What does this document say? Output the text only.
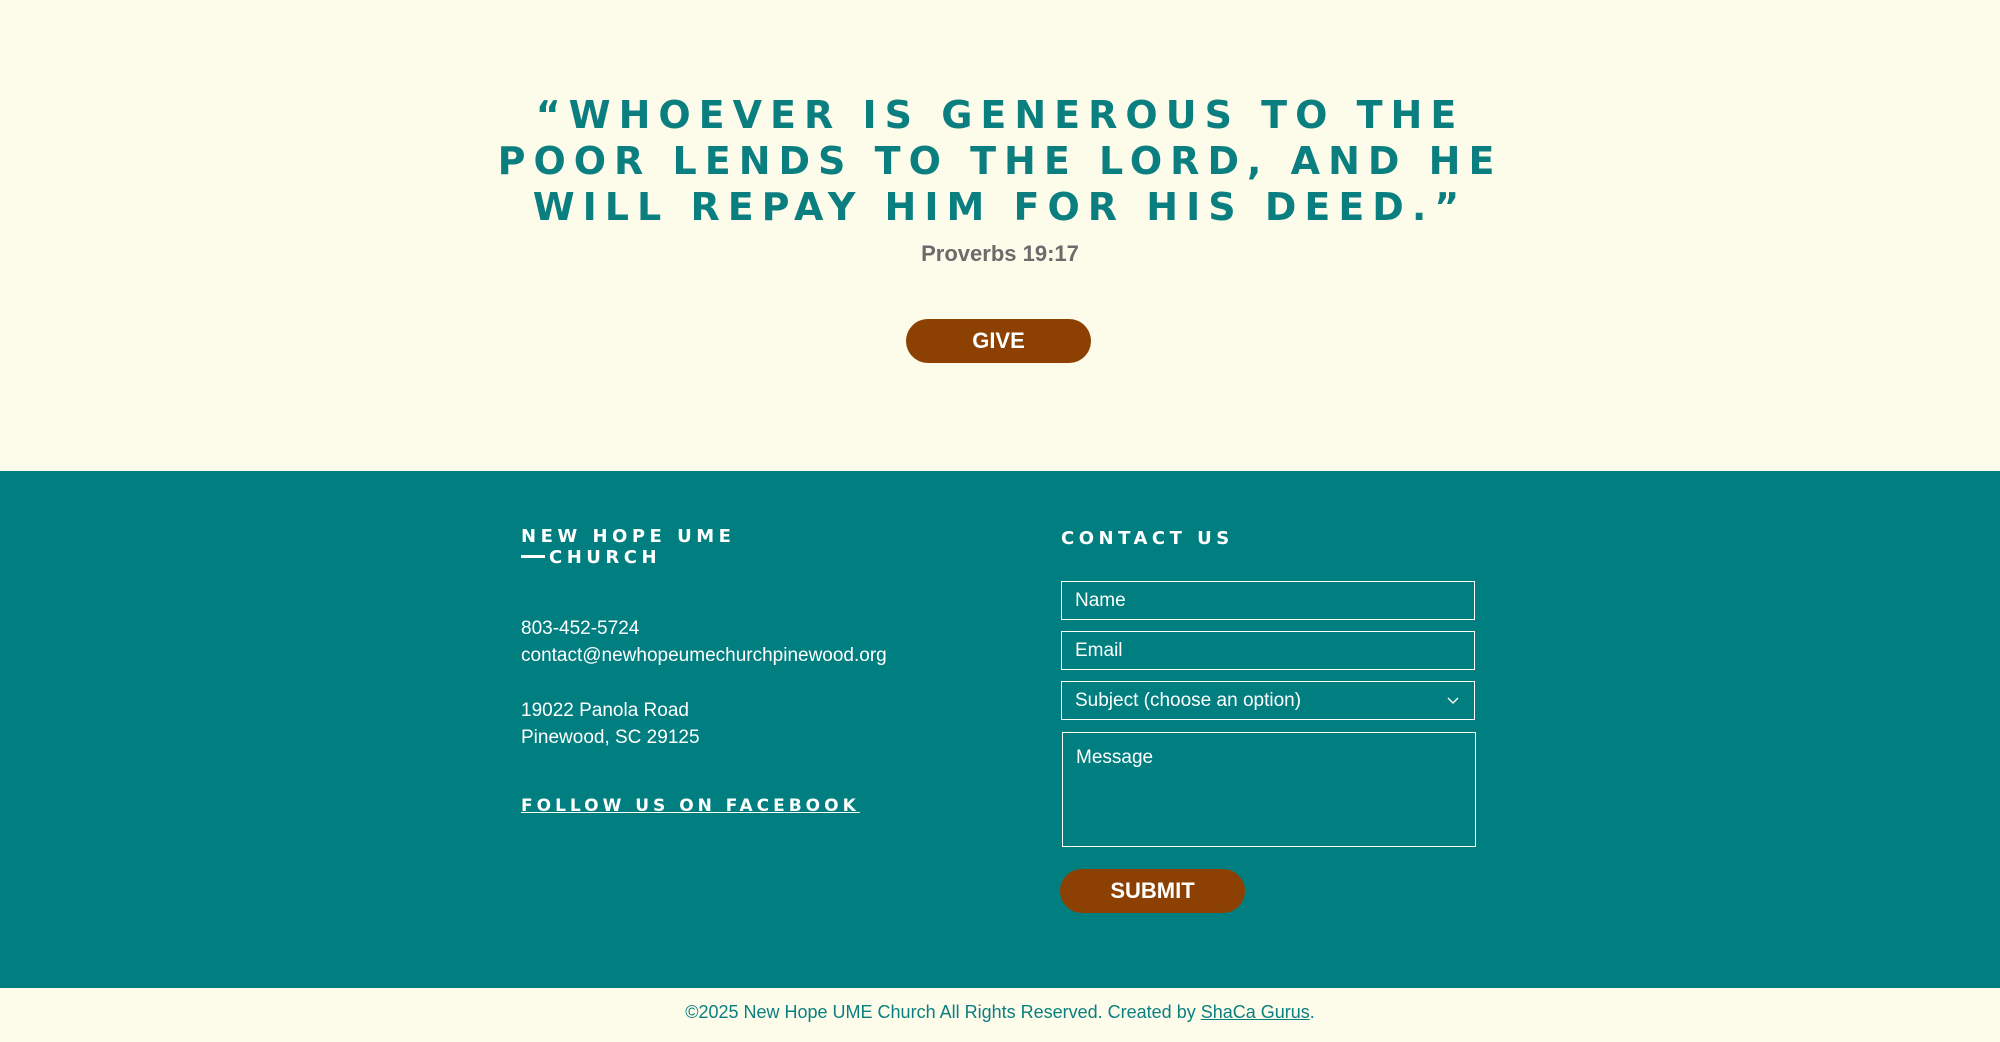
“WHOEVER IS GENEROUS TO THE POOR LENDS TO THE LORD, AND HE WILL REPAY HIM FOR HIS DEED.”
Proverbs 19:17
GIVE
NEW HOPE UME
CHURCH
803-452-5724
contact@newhopeumechurchpinewood.org
19022 Panola Road
Pinewood, SC 29125
FOLLOW US ON FACEBOOK
CONTACT US
Name
Email
Subject (choose an option)
Message
SUBMIT
©2025 New Hope UME Church All Rights Reserved. Created by ShaCa Gurus.
